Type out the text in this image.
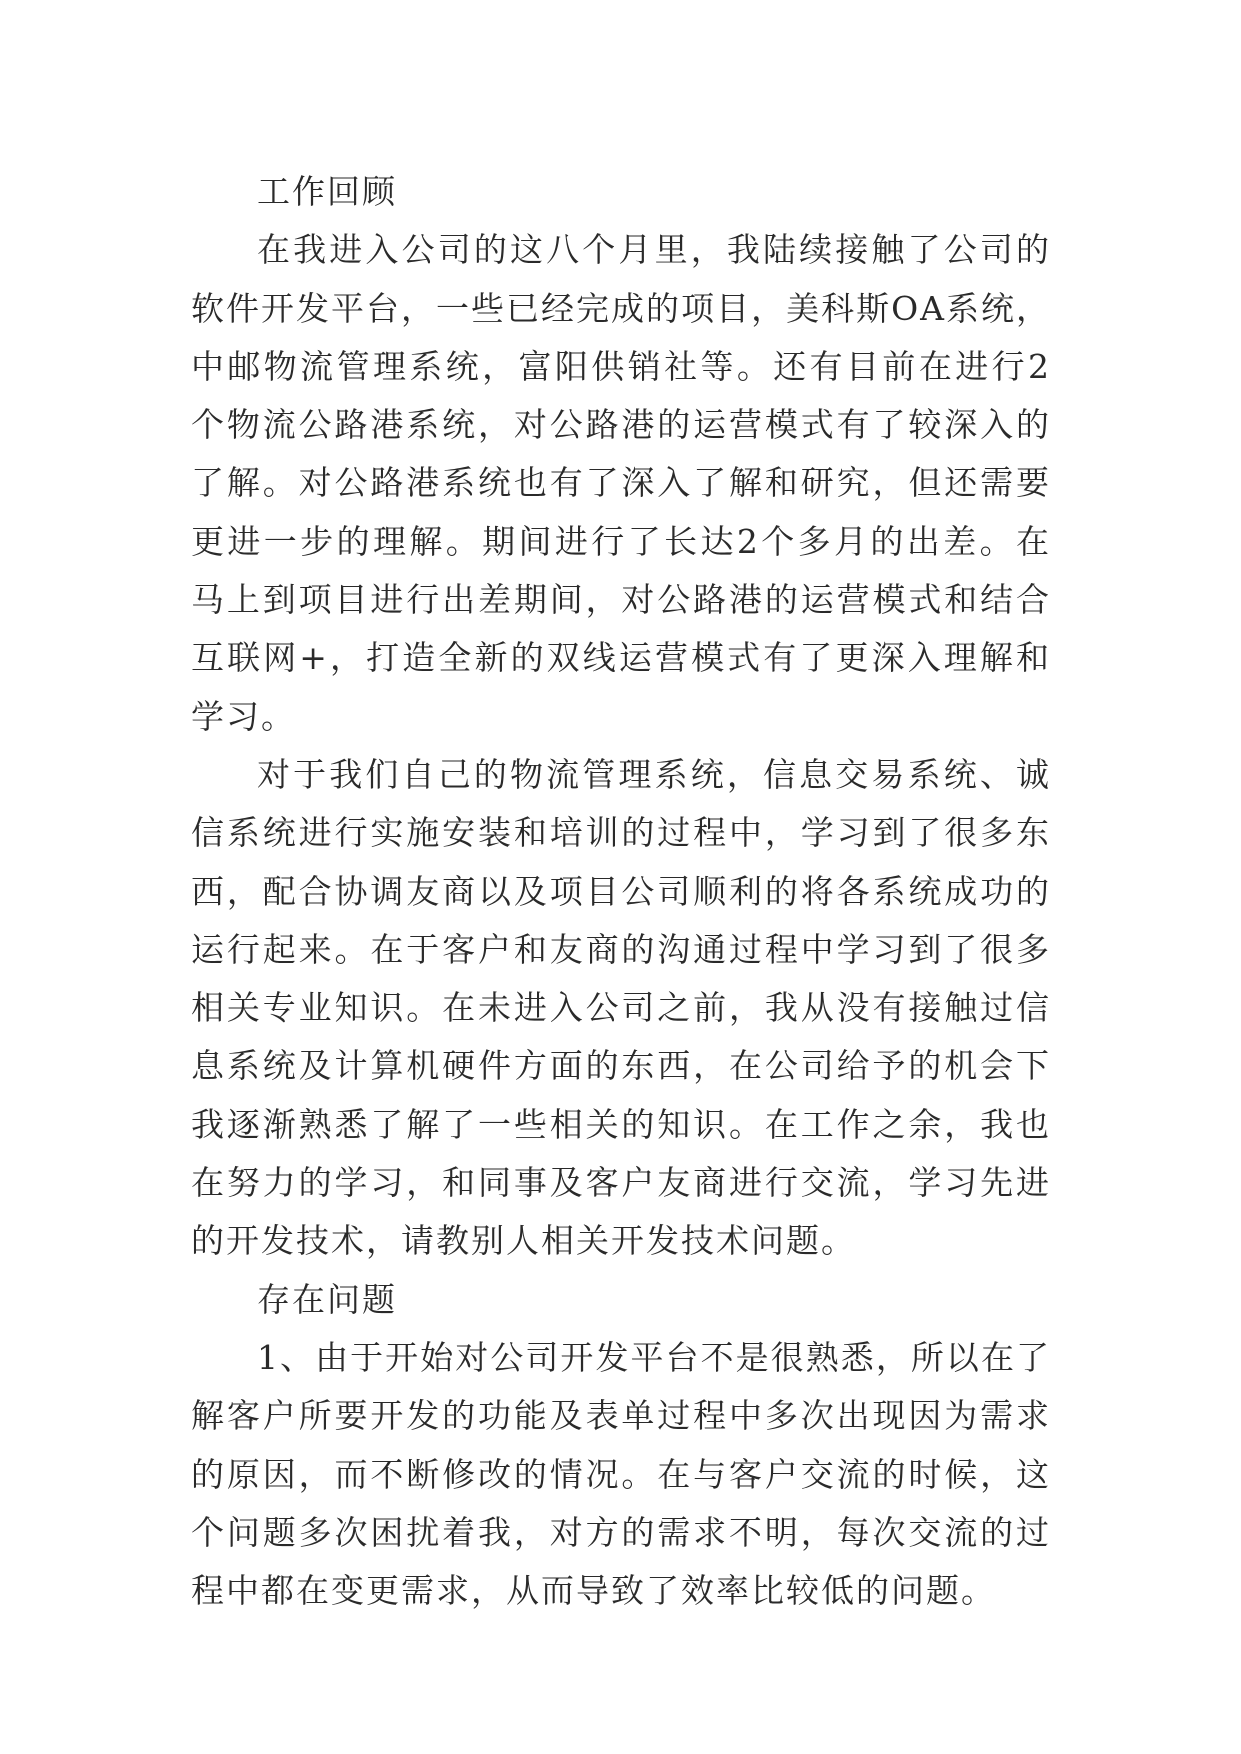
工作回顾

在我进入公司的这八个月里，我陆续接触了公司的软件开发平台，一些已经完成的项目，美科斯OA系统，中邮物流管理系统，富阳供销社等。还有目前在进行2个物流公路港系统，对公路港的运营模式有了较深入的了解。对公路港系统也有了深入了解和研究，但还需要更进一步的理解。期间进行了长达2个多月的出差。在马上到项目进行出差期间，对公路港的运营模式和结合互联网+，打造全新的双线运营模式有了更深入理解和学习。

对于我们自己的物流管理系统，信息交易系统、诚信系统进行实施安装和培训的过程中，学习到了很多东西，配合协调友商以及项目公司顺利的将各系统成功的运行起来。在于客户和友商的沟通过程中学习到了很多相关专业知识。在未进入公司之前，我从没有接触过信息系统及计算机硬件方面的东西，在公司给予的机会下我逐渐熟悉了解了一些相关的知识。在工作之余，我也在努力的学习，和同事及客户友商进行交流，学习先进的开发技术，请教别人相关开发技术问题。

存在问题

1、由于开始对公司开发平台不是很熟悉，所以在了解客户所要开发的功能及表单过程中多次出现因为需求的原因，而不断修改的情况。在与客户交流的时候，这个问题多次困扰着我，对方的需求不明，每次交流的过程中都在变更需求，从而导致了效率比较低的问题。
